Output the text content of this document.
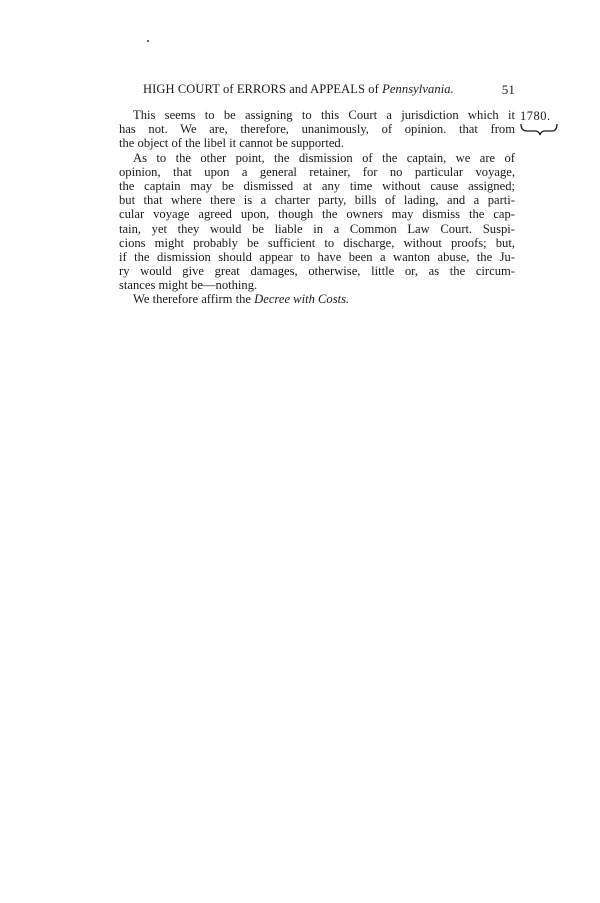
HIGH COURT of ERRORS and APPEALS of Pennsylvania.	51
1780.
This seems to be assigning to this Court a jurisdiction which it
has not. We are, therefore, unanimously, of opinion. that from
the object of the libel it cannot be supported.
As to the other point, the dismission of the captain, we are of
opinion, that upon a general retainer, for no particular voyage,
the captain may be dismissed at any time without cause assigned;
but that where there is a charter party, bills of lading, and a parti-
cular voyage agreed upon, though the owners may dismiss the cap-
tain, yet they would be liable in a Common Law Court. Suspi-
cions might probably be sufficient to discharge, without proofs; but,
if the dismission should appear to have been a wanton abuse, the Ju-
ry would give great damages, otherwise, little or, as the circum-
stances might be—nothing.
We therefore affirm the Decree with Costs.
